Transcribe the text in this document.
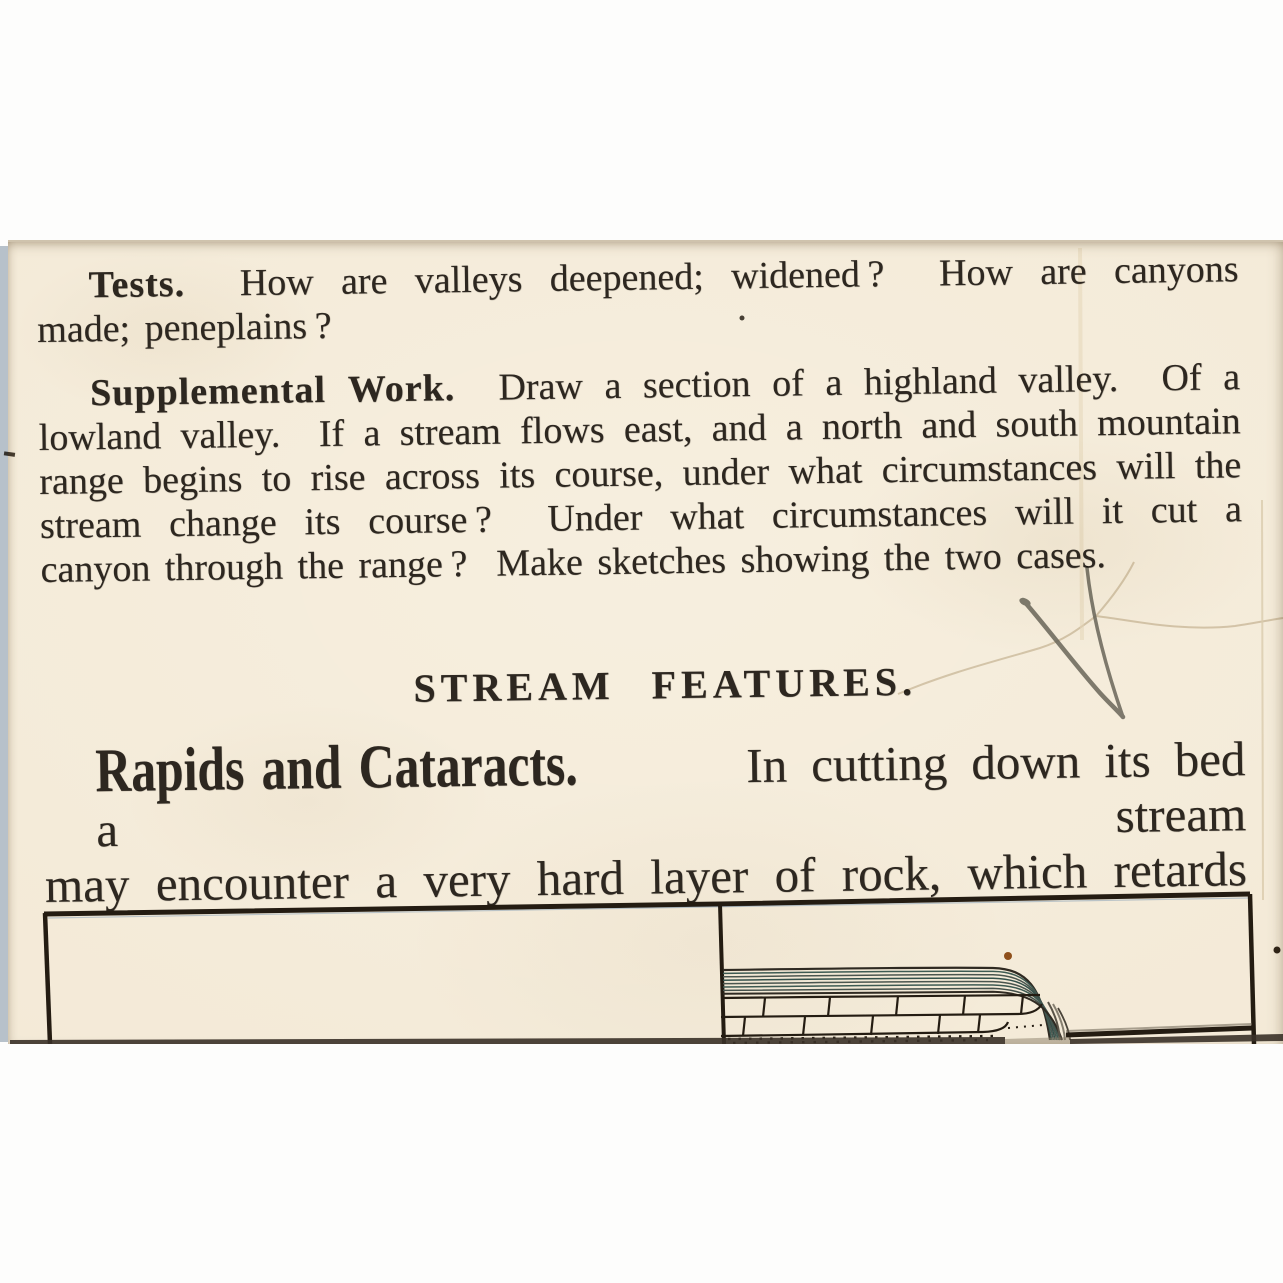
Tests.  How are valleys deepened; widened ?  How are canyons
made; peneplains ?
Supplemental Work.  Draw a section of a highland valley.  Of a
lowland valley.  If a stream flows east, and a north and south mountain
range begins to rise across its course, under what circumstances will the
stream change its course ?  Under what circumstances will it cut a
canyon through the range ?  Make sketches showing the two cases.
STREAM FEATURES.
Rapids and Cataracts.  In cutting down its bed a stream
may encounter a very hard layer of rock, which retards
